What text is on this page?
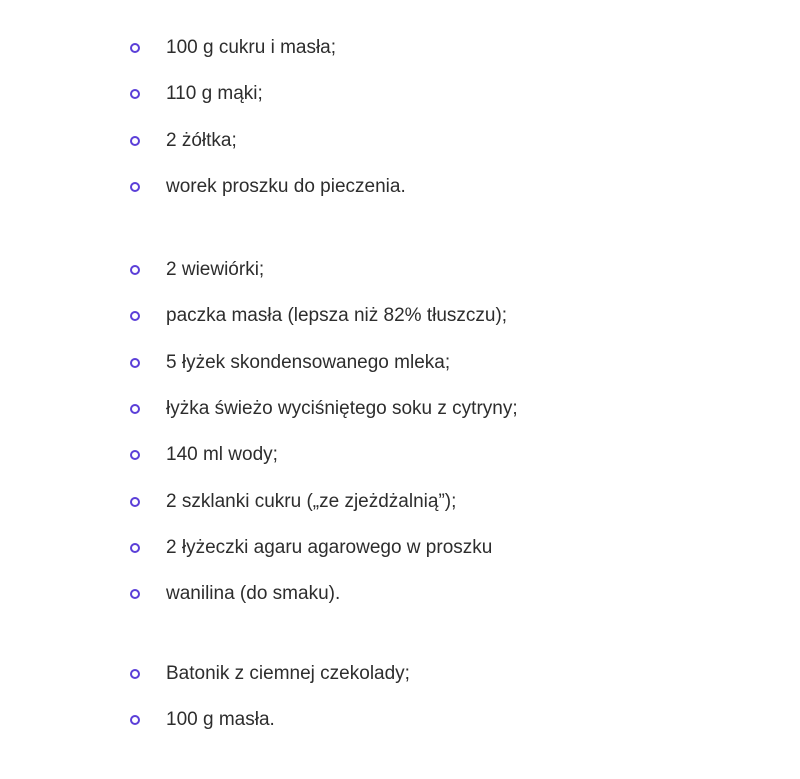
100 g cukru i masła;
110 g mąki;
2 żółtka;
worek proszku do pieczenia.
2 wiewiórki;
paczka masła (lepsza niż 82% tłuszczu);
5 łyżek skondensowanego mleka;
łyżka świeżo wyciśniętego soku z cytryny;
140 ml wody;
2 szklanki cukru („ze zjeżdżalnią”);
2 łyżeczki agaru agarowego w proszku
wanilina (do smaku).
Batonik z ciemnej czekolady;
100 g masła.
